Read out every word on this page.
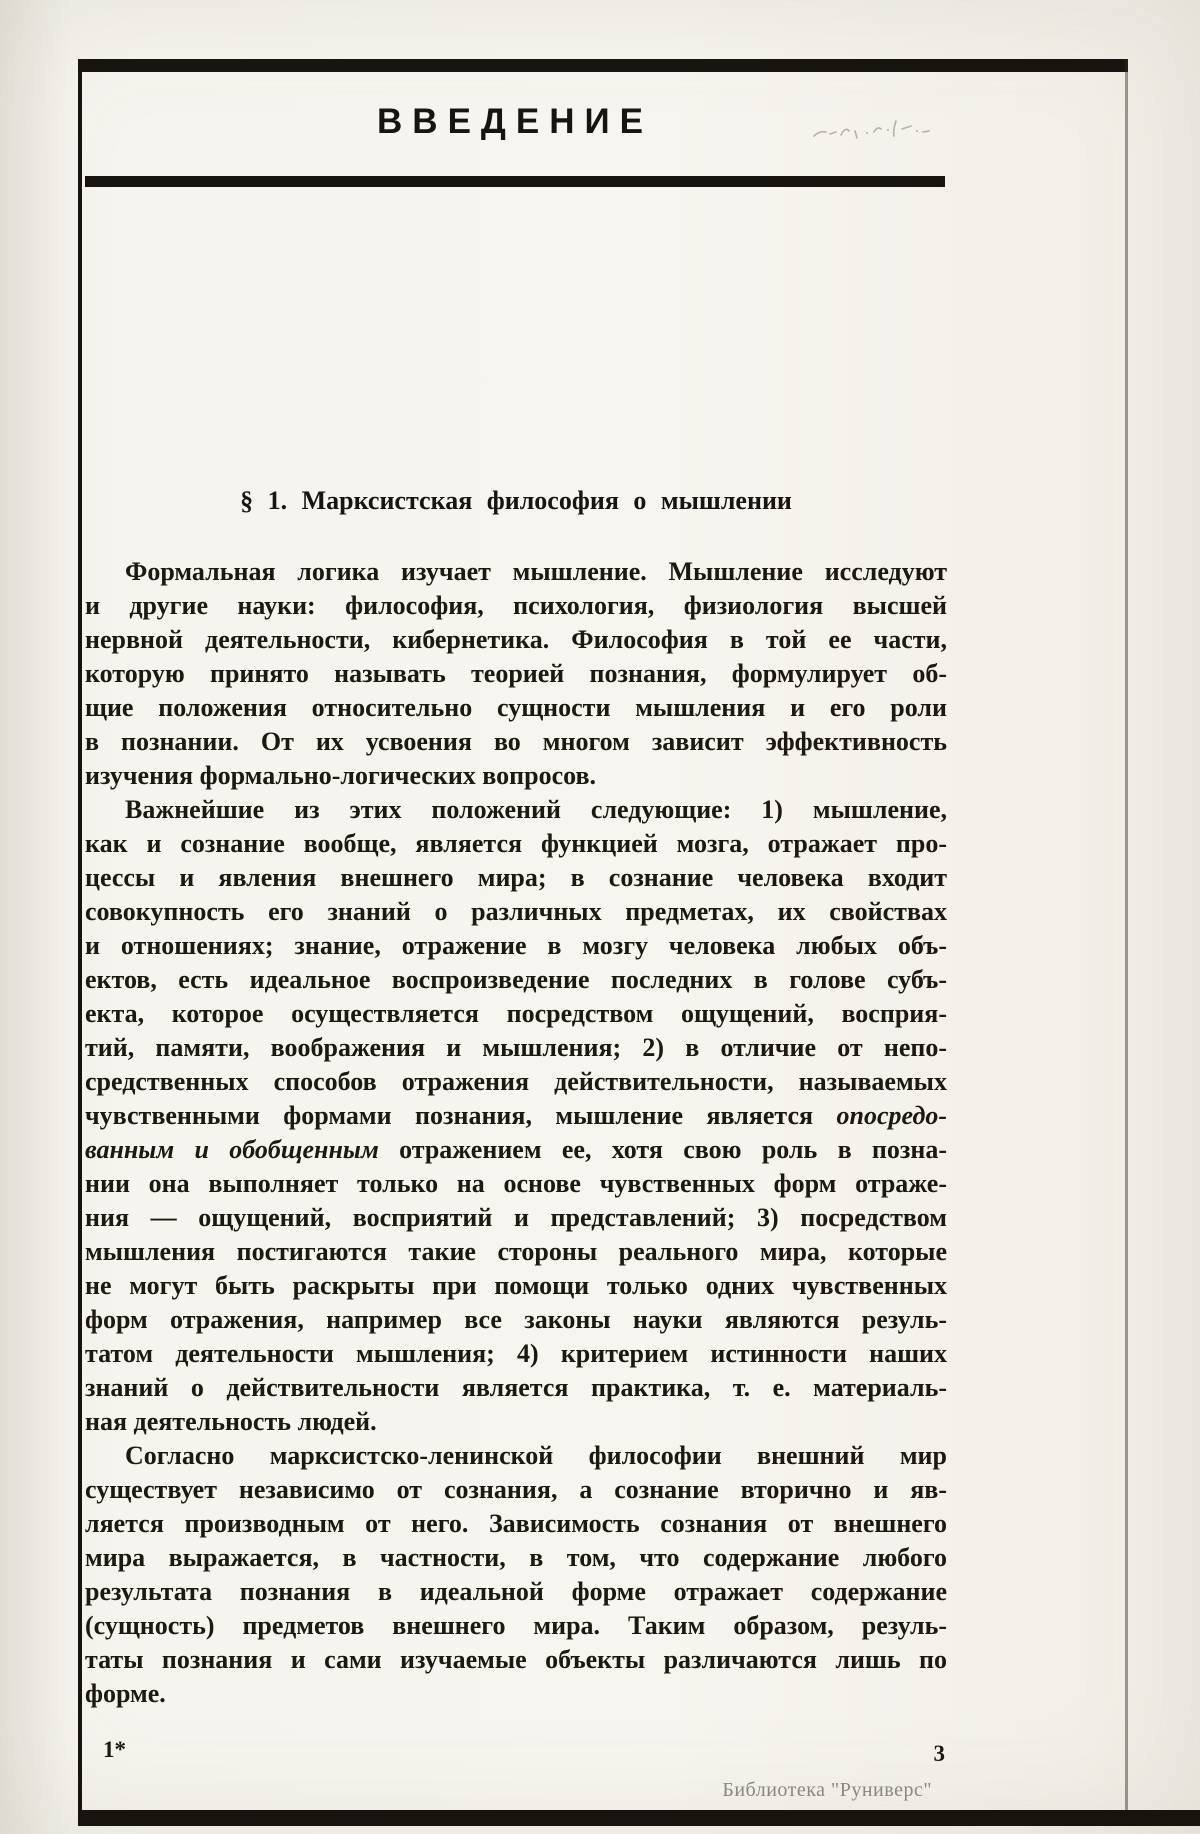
ВВЕДЕНИЕ
§ 1. Марксистская философия о мышлении
Формальная логика изучает мышление. Мышление исследуют
и другие науки: философия, психология, физиология высшей
нервной деятельности, кибернетика. Философия в той ее части,
которую принято называть теорией познания, формулирует об-
щие положения относительно сущности мышления и его роли
в познании. От их усвоения во многом зависит эффективность
изучения формально-логических вопросов.
Важнейшие из этих положений следующие: 1) мышление,
как и сознание вообще, является функцией мозга, отражает про-
цессы и явления внешнего мира; в сознание человека входит
совокупность его знаний о различных предметах, их свойствах
и отношениях; знание, отражение в мозгу человека любых объ-
ектов, есть идеальное воспроизведение последних в голове субъ-
екта, которое осуществляется посредством ощущений, восприя-
тий, памяти, воображения и мышления; 2) в отличие от непо-
средственных способов отражения действительности, называемых
чувственными формами познания, мышление является опосредо-
ванным и обобщенным отражением ее, хотя свою роль в позна-
нии она выполняет только на основе чувственных форм отраже-
ния — ощущений, восприятий и представлений; 3) посредством
мышления постигаются такие стороны реального мира, которые
не могут быть раскрыты при помощи только одних чувственных
форм отражения, например все законы науки являются резуль-
татом деятельности мышления; 4) критерием истинности наших
знаний о действительности является практика, т. е. материаль-
ная деятельность людей.
Согласно марксистско-ленинской философии внешний мир
существует независимо от сознания, а сознание вторично и яв-
ляется производным от него. Зависимость сознания от внешнего
мира выражается, в частности, в том, что содержание любого
результата познания в идеальной форме отражает содержание
(сущность) предметов внешнего мира. Таким образом, резуль-
таты познания и сами изучаемые объекты различаются лишь по
форме.
1*	3
Библиотека "Руниверс"
